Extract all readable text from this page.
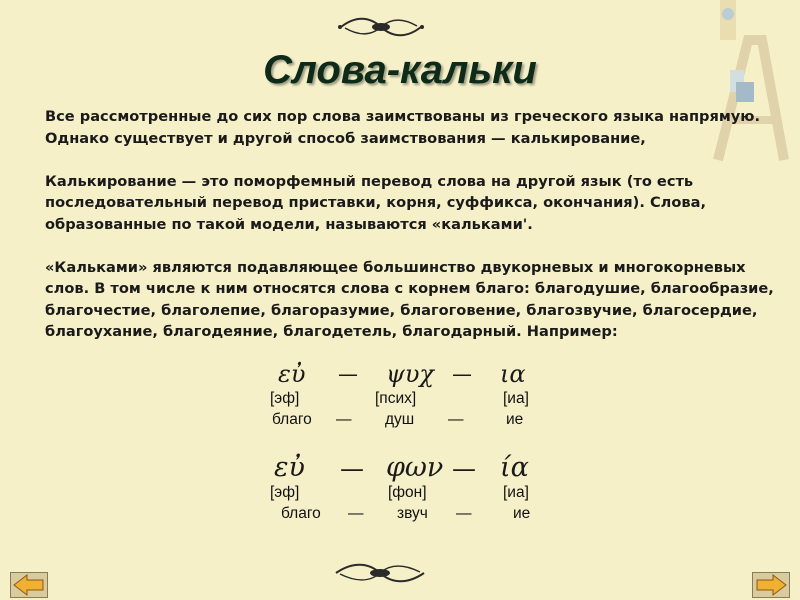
Слова-кальки

Все рассмотренные до сих пор слова заимствованы из греческого языка напрямую. Однако существует и другой способ заимствования — калькирование,

Калькирование — это поморфемный перевод слова на другой язык (то есть последовательный перевод приставки, корня, суффикса, окончания). Слова, образованные по такой модели, называются «кальками'.

«Кальками» являются подавляющее большинство двукорневых и многокорневых слов. В том числе к ним относятся слова с корнем благо: благодушие, благообразие, благочестие, благолепие, благоразумие, благоговение, благозвучие, благосердие, благоухание, благодеяние, благодетель, благодарный. Например:

εὐ — ψυχ — ια
[эф]	[псих]	[иа]
благо — душ —	ие
εὐ — φων — ία
[эф]	[фон]	[иа]
благо — звуч —	ие
